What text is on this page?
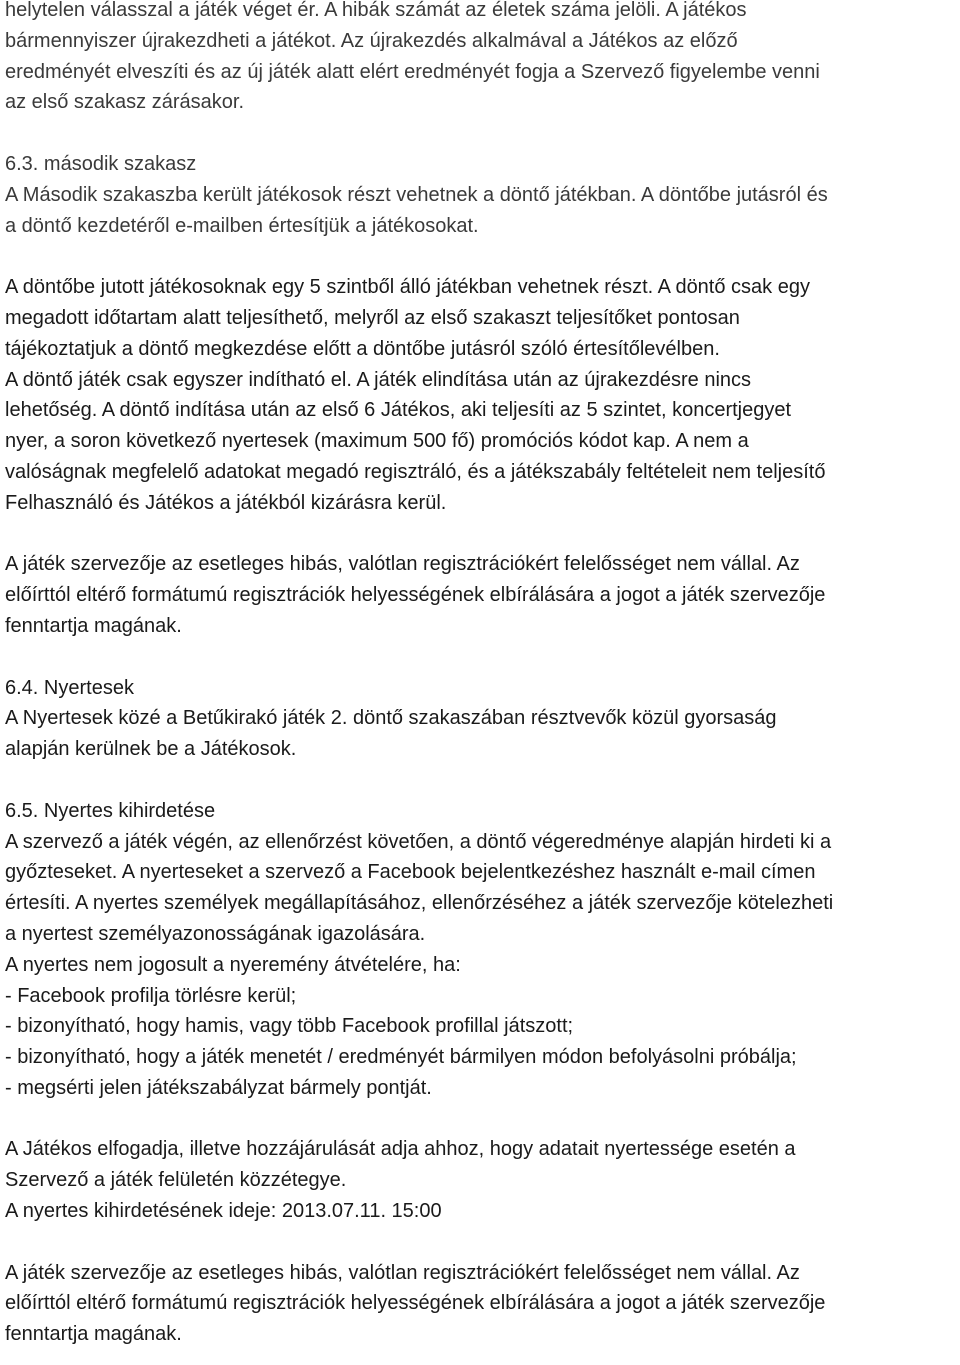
helytelen válasszal a játék véget ér. A hibák számát az életek száma jelöli. A játékos
bármennyiszer újrakezdheti a játékot. Az újrakezdés alkalmával a Játékos az előző
eredményét elveszíti és az új játék alatt elért eredményét fogja a Szervező figyelembe venni
az első szakasz zárásakor.
6.3. második szakasz
A Második szakaszba került játékosok részt vehetnek a döntő játékban. A döntőbe jutásról és
a döntő kezdetéről e-mailben értesítjük a játékosokat.
A döntőbe jutott játékosoknak egy 5 szintből álló játékban vehetnek részt. A döntő csak egy
megadott időtartam alatt teljesíthető, melyről az első szakaszt teljesítőket pontosan
tájékoztatjuk a döntő megkezdése előtt a döntőbe jutásról szóló értesítőlevélben.
A döntő játék csak egyszer indítható el. A játék elindítása után az újrakezdésre nincs
lehetőség. A döntő indítása után az első 6 Játékos, aki teljesíti az 5 szintet, koncertjegyet
nyer, a soron következő nyertesek (maximum 500 fő) promóciós kódot kap. A nem a
valóságnak megfelelő adatokat megadó regisztráló, és a játékszabály feltételeit nem teljesítő
Felhasználó és Játékos a játékból kizárásra kerül.
A játék szervezője az esetleges hibás, valótlan regisztrációkért felelősséget nem vállal. Az
előírttól eltérő formátumú regisztrációk helyességének elbírálására a jogot a játék szervezője
fenntartja magának.
6.4. Nyertesek
A Nyertesek közé a Betűkirakó játék 2. döntő szakaszában résztvevők közül gyorsaság
alapján kerülnek be a Játékosok.
6.5. Nyertes kihirdetése
A szervező a játék végén, az ellenőrzést követően, a döntő végeredménye alapján hirdeti ki a
győzteseket. A nyerteseket a szervező a Facebook bejelentkezéshez használt e-mail címen
értesíti. A nyertes személyek megállapításához, ellenőrzéséhez a játék szervezője kötelezheti
a nyertest személyazonosságának igazolására.
A nyertes nem jogosult a nyeremény átvételére, ha:
- Facebook profilja törlésre kerül;
- bizonyítható, hogy hamis, vagy több Facebook profillal játszott;
- bizonyítható, hogy a játék menetét / eredményét bármilyen módon befolyásolni próbálja;
- megsérti jelen játékszabályzat bármely pontját.
A Játékos elfogadja, illetve hozzájárulását adja ahhoz, hogy adatait nyertessége esetén a
Szervező a játék felületén közzétegye.
A nyertes kihirdetésének ideje: 2013.07.11. 15:00
A játék szervezője az esetleges hibás, valótlan regisztrációkért felelősséget nem vállal. Az
előírttól eltérő formátumú regisztrációk helyességének elbírálására a jogot a játék szervezője
fenntartja magának.
